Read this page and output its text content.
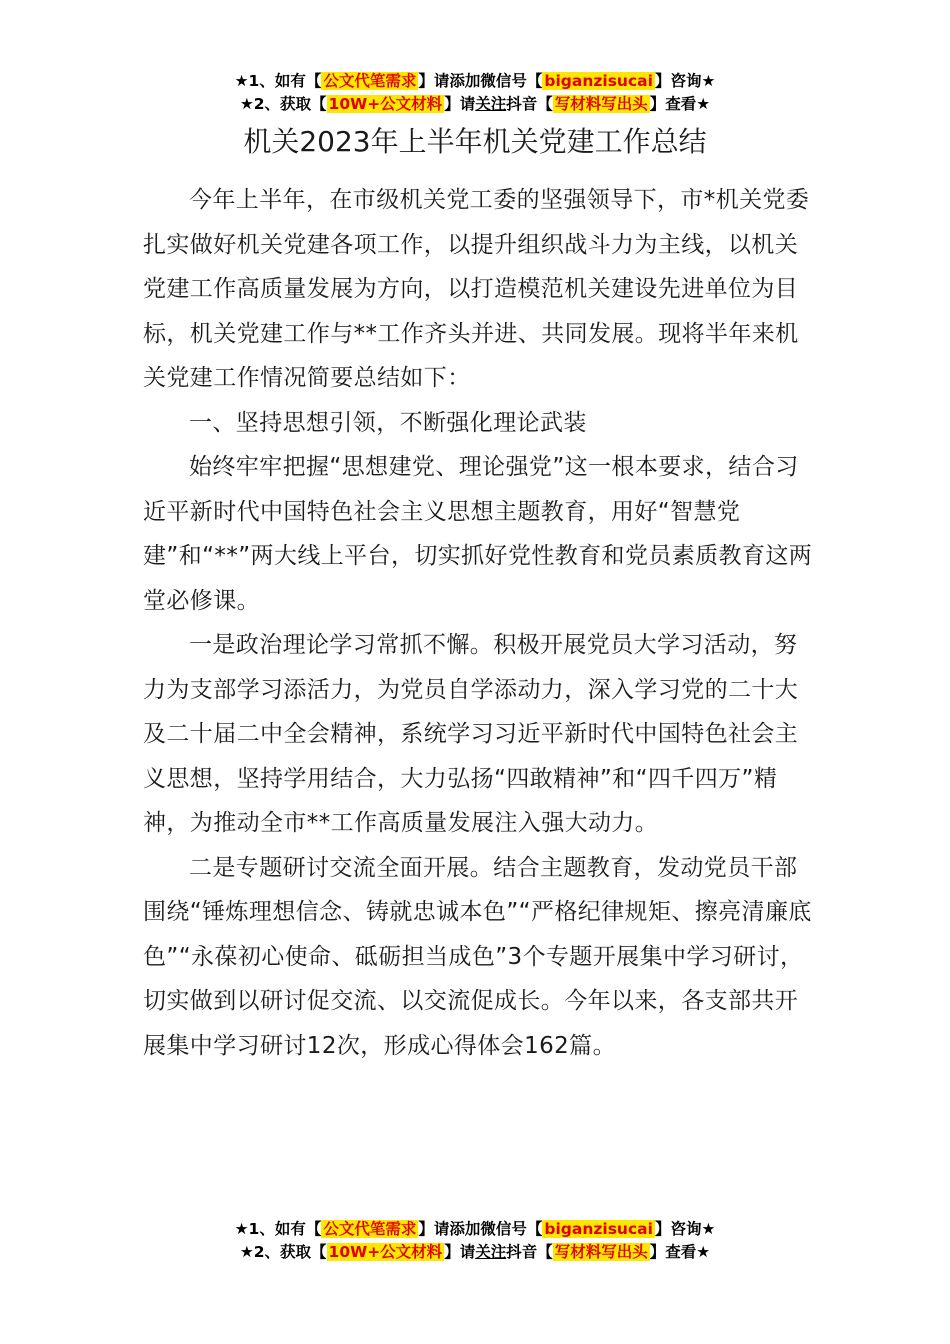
★1、如有【 公文代笔需求 】请添加微信号【 biganzisucai 】咨询★
★2、获取【 10W+公文材料 】请关注抖音【 写材料写出头 】查看★
机关2023年上半年机关党建工作总结

今年上半年，在市级机关党工委的坚强领导下，市*机关党委扎实做好机关党建各项工作，以提升组织战斗力为主线，以机关党建工作高质量发展为方向，以打造模范机关建设先进单位为目标，机关党建工作与**工作齐头并进、共同发展。现将半年来机关党建工作情况简要总结如下：

一、坚持思想引领，不断强化理论武装

始终牢牢把握“思想建党、理论强党”这一根本要求，结合习近平新时代中国特色社会主义思想主题教育，用好“智慧党建”和“**”两大线上平台，切实抓好党性教育和党员素质教育这两堂必修课。

一是政治理论学习常抓不懈。积极开展党员大学习活动，努力为支部学习添活力，为党员自学添动力，深入学习党的二十大及二十届二中全会精神，系统学习习近平新时代中国特色社会主义思想，坚持学用结合，大力弘扬“四敢精神”和“四千四万”精神，为推动全市**工作高质量发展注入强大动力。

二是专题研讨交流全面开展。结合主题教育，发动党员干部围绕“锤炼理想信念、铸就忠诚本色”“严格纪律规矩、擦亮清廉底色”“永葆初心使命、砥砺担当成色”3个专题开展集中学习研讨，切实做到以研讨促交流、以交流促成长。今年以来，各支部共开展集中学习研讨12次，形成心得体会162篇。

★1、如有【 公文代笔需求 】请添加微信号【 biganzisucai 】咨询★
★2、获取【 10W+公文材料 】请关注抖音【 写材料写出头 】查看★
